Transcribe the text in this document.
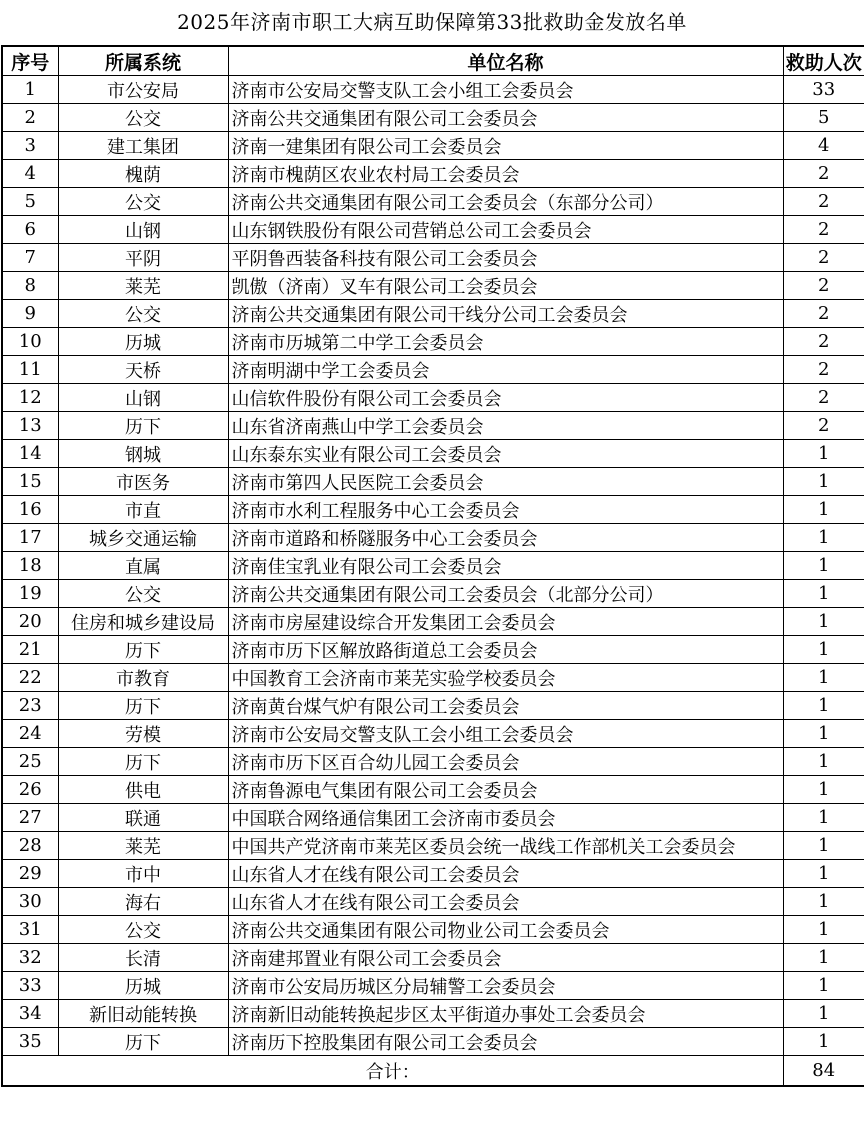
2025年济南市职工大病互助保障第33批救助金发放名单
序号	所属系统	单位名称	救助人次
1	市公安局	济南市公安局交警支队工会小组工会委员会	33
2	公交	济南公共交通集团有限公司工会委员会	5
3	建工集团	济南一建集团有限公司工会委员会	4
4	槐荫	济南市槐荫区农业农村局工会委员会	2
5	公交	济南公共交通集团有限公司工会委员会（东部分公司）	2
6	山钢	山东钢铁股份有限公司营销总公司工会委员会	2
7	平阴	平阴鲁西装备科技有限公司工会委员会	2
8	莱芜	凯傲（济南）叉车有限公司工会委员会	2
9	公交	济南公共交通集团有限公司干线分公司工会委员会	2
10	历城	济南市历城第二中学工会委员会	2
11	天桥	济南明湖中学工会委员会	2
12	山钢	山信软件股份有限公司工会委员会	2
13	历下	山东省济南燕山中学工会委员会	2
14	钢城	山东泰东实业有限公司工会委员会	1
15	市医务	济南市第四人民医院工会委员会	1
16	市直	济南市水利工程服务中心工会委员会	1
17	城乡交通运输	济南市道路和桥隧服务中心工会委员会	1
18	直属	济南佳宝乳业有限公司工会委员会	1
19	公交	济南公共交通集团有限公司工会委员会（北部分公司）	1
20	住房和城乡建设局	济南市房屋建设综合开发集团工会委员会	1
21	历下	济南市历下区解放路街道总工会委员会	1
22	市教育	中国教育工会济南市莱芜实验学校委员会	1
23	历下	济南黄台煤气炉有限公司工会委员会	1
24	劳模	济南市公安局交警支队工会小组工会委员会	1
25	历下	济南市历下区百合幼儿园工会委员会	1
26	供电	济南鲁源电气集团有限公司工会委员会	1
27	联通	中国联合网络通信集团工会济南市委员会	1
28	莱芜	中国共产党济南市莱芜区委员会统一战线工作部机关工会委员会	1
29	市中	山东省人才在线有限公司工会委员会	1
30	海右	山东省人才在线有限公司工会委员会	1
31	公交	济南公共交通集团有限公司物业公司工会委员会	1
32	长清	济南建邦置业有限公司工会委员会	1
33	历城	济南市公安局历城区分局辅警工会委员会	1
34	新旧动能转换	济南新旧动能转换起步区太平街道办事处工会委员会	1
35	历下	济南历下控股集团有限公司工会委员会	1
合计：			84
